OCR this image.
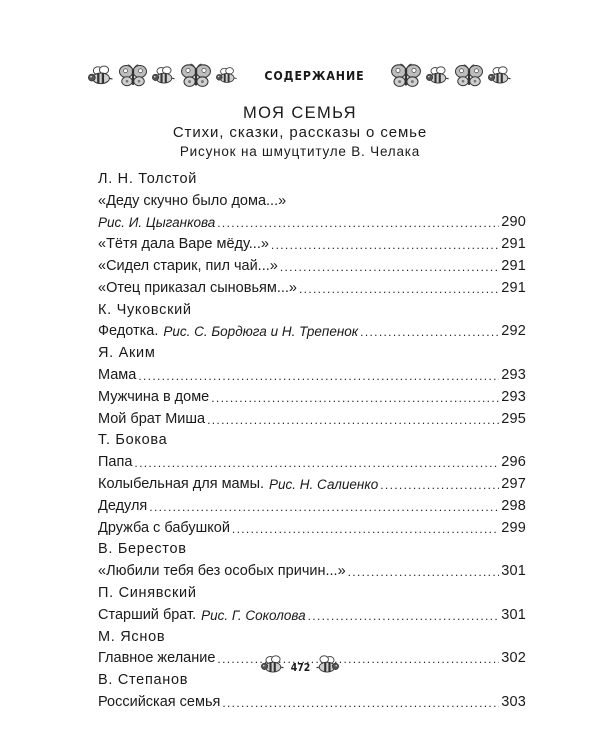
СОДЕРЖАНИЕ
МОЯ СЕМЬЯ
Стихи, сказки, рассказы о семье
Рисунок на шмуцтитуле В. Челака
Л. Н. Толстой
«Деду скучно было дома...»
Рис. И. Цыганкова . . .	290
«Тётя дала Варе мёду...» . . .	291
«Сидел старик, пил чай...» . . .	291
«Отец приказал сыновьям...» . . .	291
К. Чуковский
Федотка. Рис. С. Бордюга и Н. Трепенок . . .	292
Я. Аким
Мама . . .	293
Мужчина в доме . . .	293
Мой брат Миша . . .	295
Т. Бокова
Папа . . .	296
Колыбельная для мамы. Рис. Н. Салиенко . . .	297
Дедуля . . .	298
Дружба с бабушкой . . .	299
В. Берестов
«Любили тебя без особых причин...» . . .	301
П. Синявский
Старший брат. Рис. Г. Соколова . . .	301
М. Яснов
Главное желание . . .	302
В. Степанов
Российская семья . . .	303
472
